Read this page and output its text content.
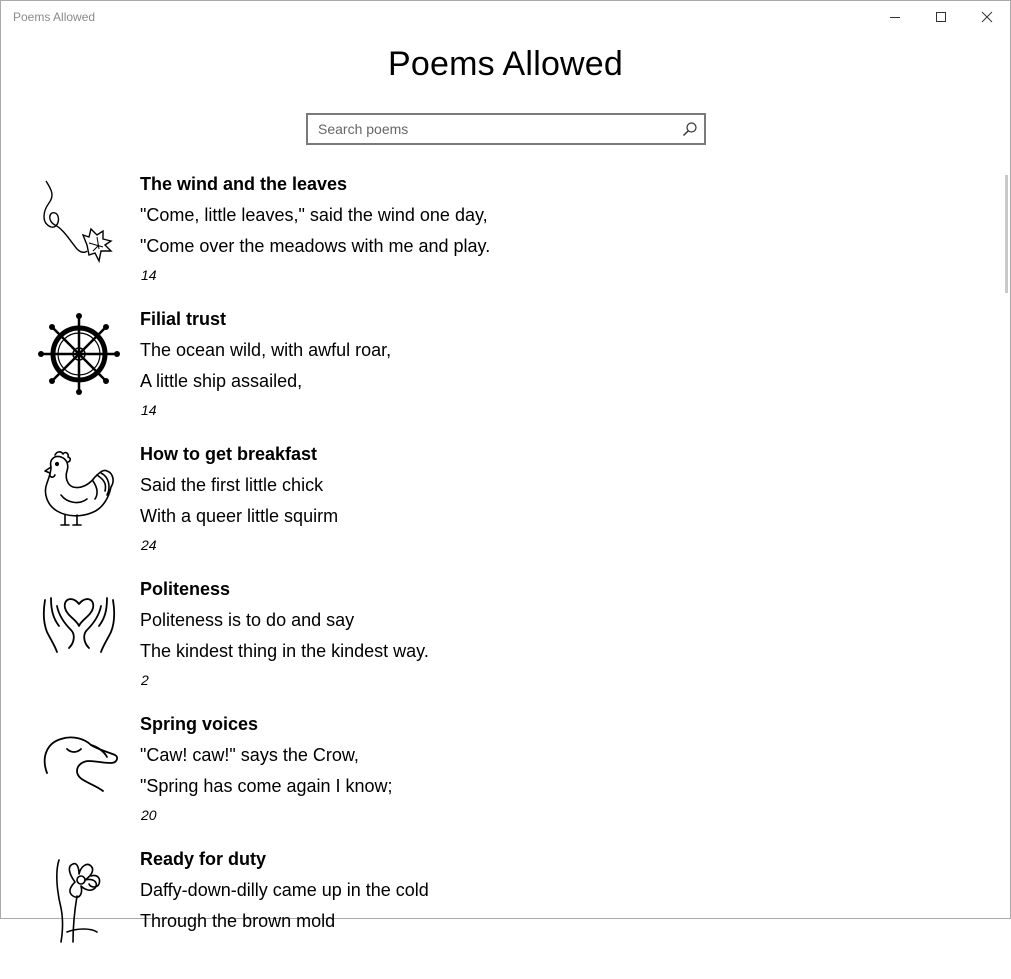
Poems Allowed
Poems Allowed
Search poems
The wind and the leaves
"Come, little leaves," said the wind one day,
"Come over the meadows with me and play.
14
Filial trust
The ocean wild, with awful roar,
A little ship assailed,
14
How to get breakfast
Said the first little chick
With a queer little squirm
24
Politeness
Politeness is to do and say
The kindest thing in the kindest way.
2
Spring voices
"Caw! caw!" says the Crow,
"Spring has come again I know;
20
Ready for duty
Daffy-down-dilly came up in the cold
Through the brown mold
